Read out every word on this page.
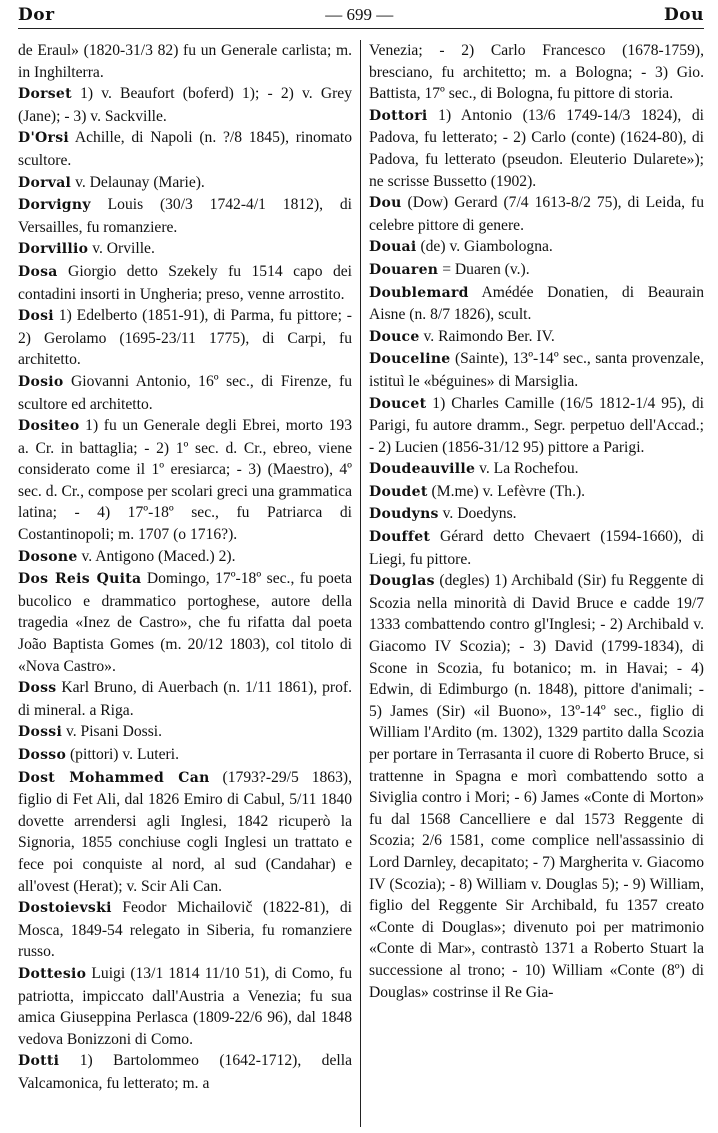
Dor	— 699 —	Dou

de Eraul» (1820-31/3 82) fu un Generale carlista; m. in Inghilterra.

Dorset 1) v. Beaufort (boferd) 1); - 2) v. Grey (Jane); - 3) v. Sackville.

D'Orsi Achille, di Napoli (n. ?/8 1845), rinomato scultore.

Dorval v. Delaunay (Marie).

Dorvigny Louis (30/3 1742-4/1 1812), di Versailles, fu romanziere.

Dorvillio v. Orville.

Dosa Giorgio detto Szekely fu 1514 capo dei contadini insorti in Ungheria; preso, venne arrostito.

Dosi 1) Edelberto (1851-91), di Parma, fu pittore; - 2) Gerolamo (1695-23/11 1775), di Carpi, fu architetto.

Dosio Giovanni Antonio, 16º sec., di Firenze, fu scultore ed architetto.

Dositeo 1) fu un Generale degli Ebrei, morto 193 a. Cr. in battaglia; - 2) 1º sec. d. Cr., ebreo, viene considerato come il 1º eresiarca; - 3) (Maestro), 4º sec. d. Cr., compose per scolari greci una grammatica latina; - 4) 17º-18º sec., fu Patriarca di Costantinopoli; m. 1707 (o 1716?).

Dosone v. Antigono (Maced.) 2).

Dos Reis Quita Domingo, 17º-18º sec., fu poeta bucolico e drammatico portoghese, autore della tragedia «Inez de Castro», che fu rifatta dal poeta João Baptista Gomes (m. 20/12 1803), col titolo di «Nova Castro».

Doss Karl Bruno, di Auerbach (n. 1/11 1861), prof. di mineral. a Riga.

Dossi v. Pisani Dossi.

Dosso (pittori) v. Luteri.

Dost Mohammed Can (1793?-29/5 1863), figlio di Fet Ali, dal 1826 Emiro di Cabul, 5/11 1840 dovette arrendersi agli Inglesi, 1842 ricuperò la Signoria, 1855 conchiuse cogli Inglesi un trattato e fece poi conquiste al nord, al sud (Candahar) e all'ovest (Herat); v. Scir Ali Can.

Dostoievski Feodor Michailovič (1822-81), di Mosca, 1849-54 relegato in Siberia, fu romanziere russo.

Dottesio Luigi (13/1 1814 11/10 51), di Como, fu patriotta, impiccato dall'Austria a Venezia; fu sua amica Giuseppina Perlasca (1809-22/6 96), dal 1848 vedova Bonizzoni di Como.

Dotti 1) Bartolommeo (1642-1712), della Valcamonica, fu letterato; m. a

Venezia; - 2) Carlo Francesco (1678-1759), bresciano, fu architetto; m. a Bologna; - 3) Gio. Battista, 17º sec., di Bologna, fu pittore di storia.

Dottori 1) Antonio (13/6 1749-14/3 1824), di Padova, fu letterato; - 2) Carlo (conte) (1624-80), di Padova, fu letterato (pseudon. Eleuterio Dularete»); ne scrisse Bussetto (1902).

Dou (Dow) Gerard (7/4 1613-8/2 75), di Leida, fu celebre pittore di genere.

Douai (de) v. Giambologna.

Douaren = Duaren (v.).

Doublemard Amédée Donatien, di Beaurain Aisne (n. 8/7 1826), scult.

Douce v. Raimondo Ber. IV.

Douceline (Sainte), 13º-14º sec., santa provenzale, istituì le «béguines» di Marsiglia.

Doucet 1) Charles Camille (16/5 1812-1/4 95), di Parigi, fu autore dramm., Segr. perpetuo dell'Accad.; - 2) Lucien (1856-31/12 95) pittore a Parigi.

Doudeauville v. La Rochefou.

Doudet (M.me) v. Lefèvre (Th.).

Doudyns v. Doedyns.

Douffet Gérard detto Chevaert (1594-1660), di Liegi, fu pittore.

Douglas (degles) 1) Archibald (Sir) fu Reggente di Scozia nella minorità di David Bruce e cadde 19/7 1333 combattendo contro gl'Inglesi; - 2) Archibald v. Giacomo IV Scozia); - 3) David (1799-1834), di Scone in Scozia, fu botanico; m. in Havai; - 4) Edwin, di Edimburgo (n. 1848), pittore d'animali; - 5) James (Sir) «il Buono», 13º-14º sec., figlio di William l'Ardito (m. 1302), 1329 partito dalla Scozia per portare in Terrasanta il cuore di Roberto Bruce, si trattenne in Spagna e morì combattendo sotto a Siviglia contro i Mori; - 6) James «Conte di Morton» fu dal 1568 Cancelliere e dal 1573 Reggente di Scozia; 2/6 1581, come complice nell'assassinio di Lord Darnley, decapitato; - 7) Margherita v. Giacomo IV (Scozia); - 8) William v. Douglas 5); - 9) William, figlio del Reggente Sir Archibald, fu 1357 creato «Conte di Douglas»; divenuto poi per matrimonio «Conte di Mar», contrastò 1371 a Roberto Stuart la successione al trono; - 10) William «Conte (8º) di Douglas» costrinse il Re Gia-
